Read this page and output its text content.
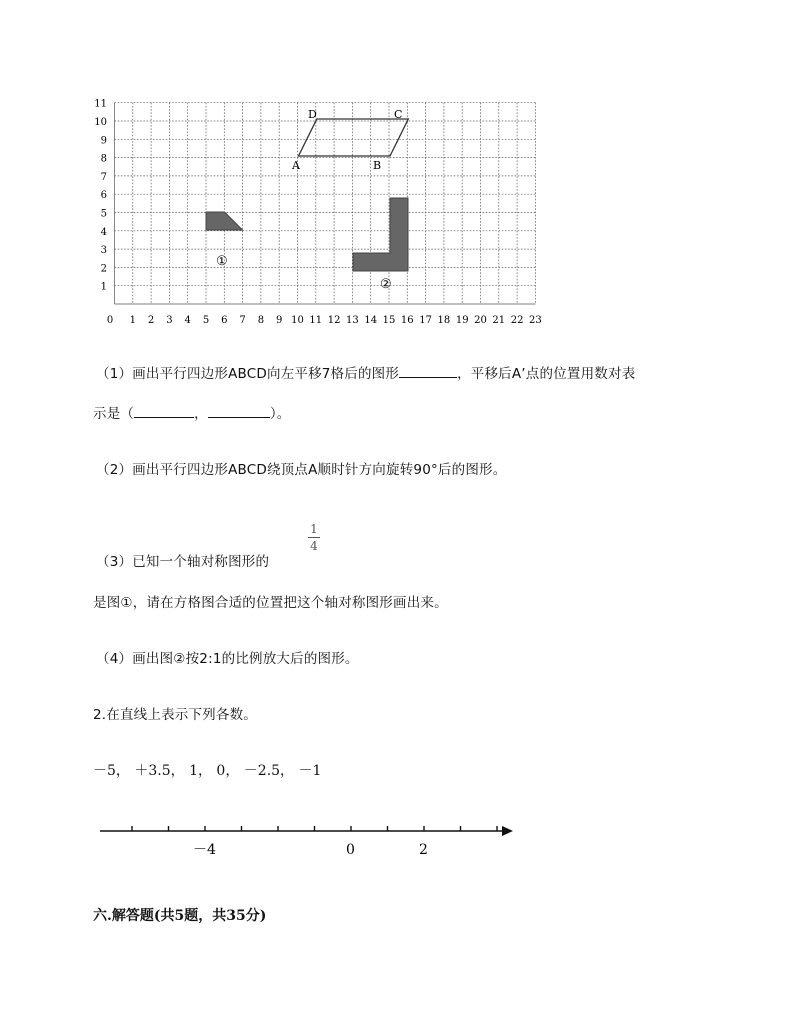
1
2
3
4
5
6
7
8
9
10
11
0 1 2 3 4 5 6 7 8 9 10 11 12 13 14 15 16 17 18 19 20 21 22 23
A	B
C
D
①
②
（1）画出平行四边形ABCD向左平移7格后的图形	，平移后A’点的位置用数对表
示是（	，	）。
（2）画出平行四边形ABCD绕顶点A顺时针方向旋转90°后的图形。
1
4
（3）已知一个轴对称图形的
是图①，请在方格图合适的位置把这个轴对称图形画出来。
（4）画出图②按2:1的比例放大后的图形。
2.在直线上表示下列各数。
－5， ＋3.5， 1， 0， －2.5， －1
－4	0	2
六.解答题(共5题，共35分)
